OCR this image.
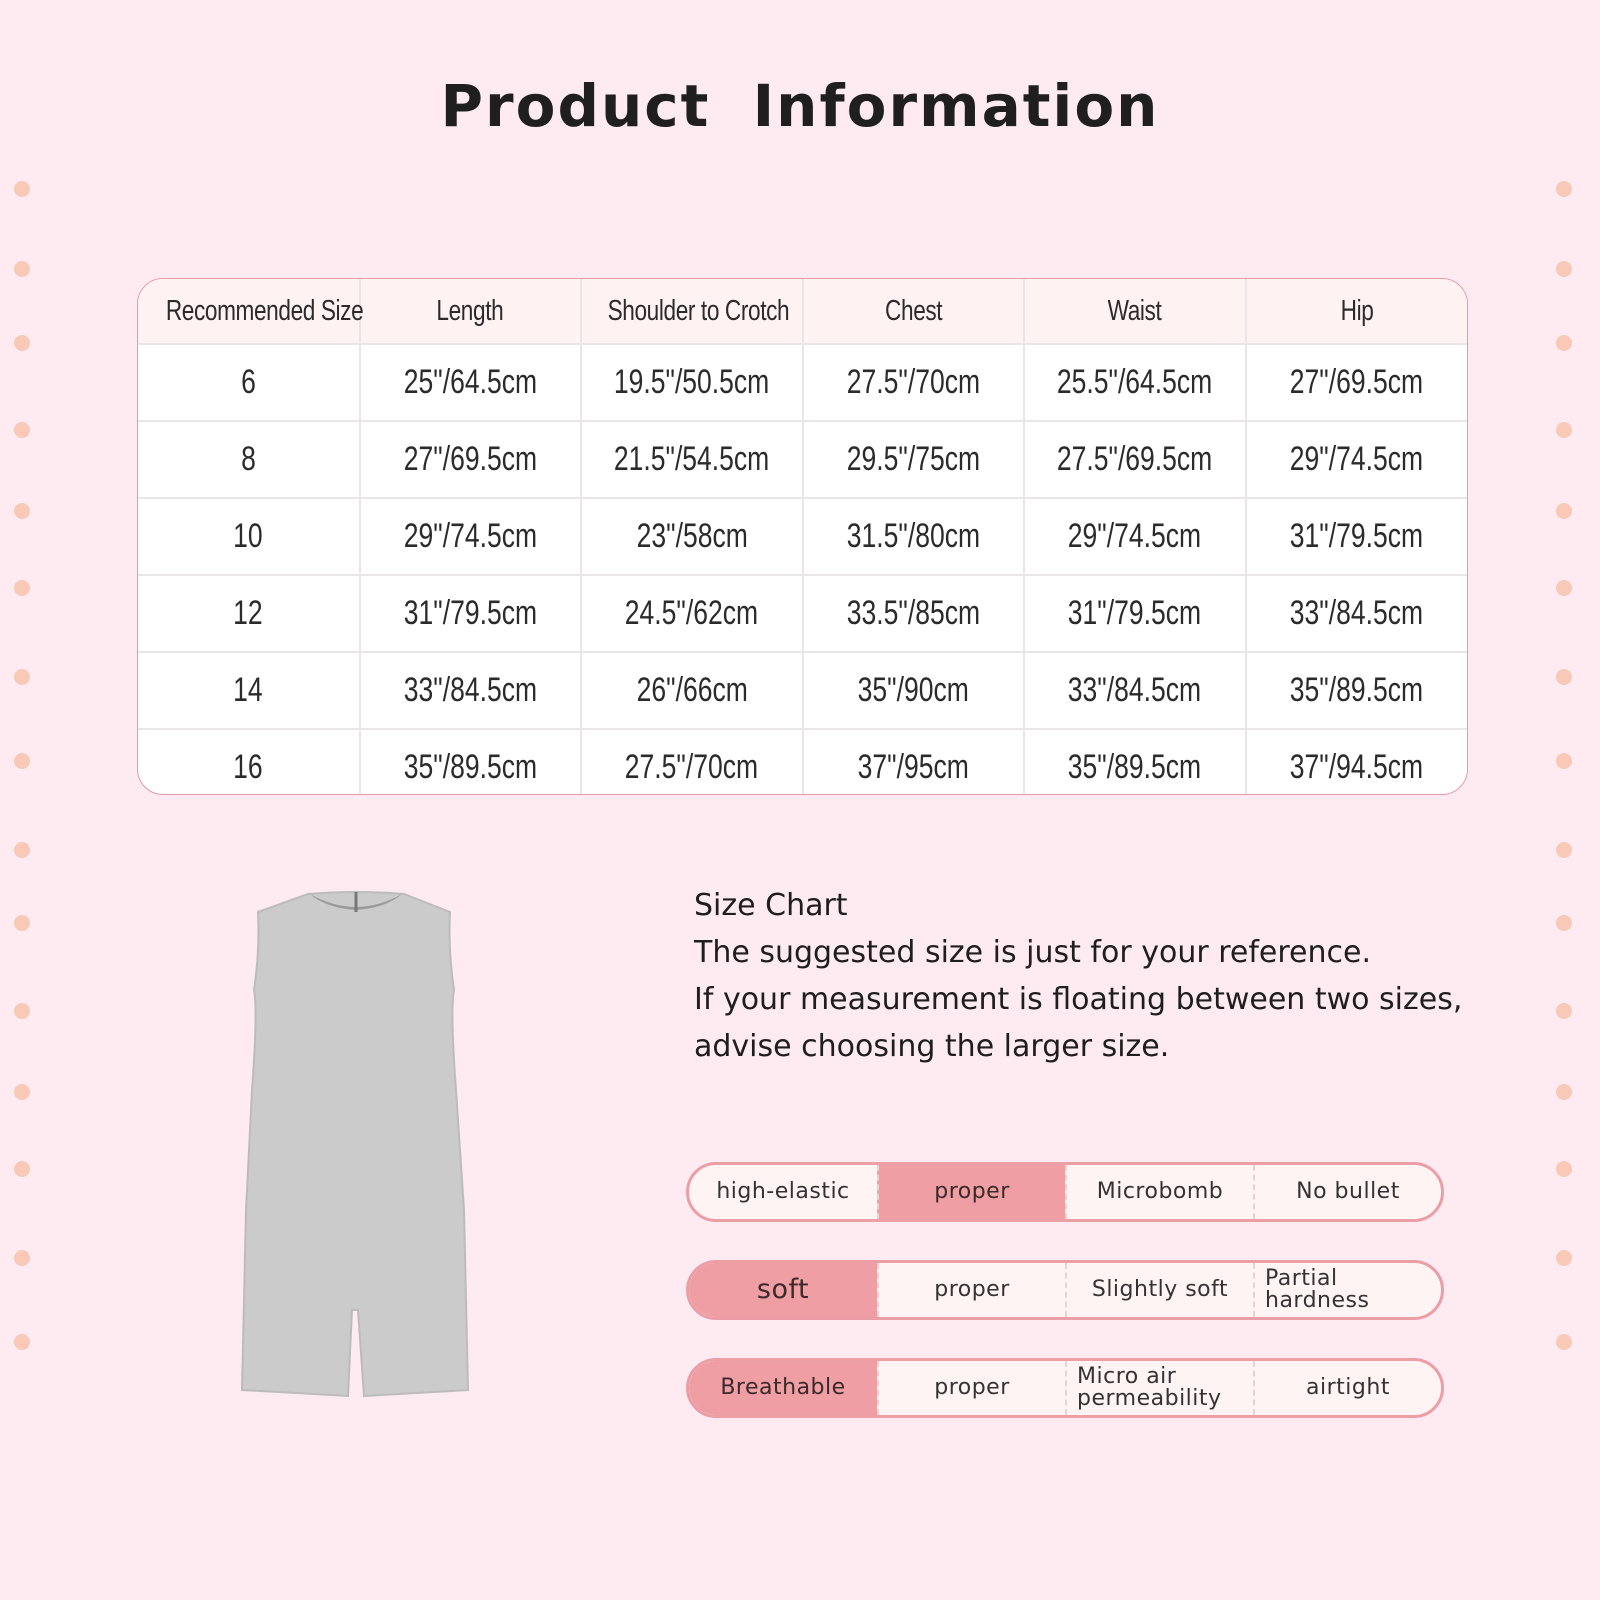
Product Information
Recommended Size	Length	Shoulder to Crotch	Chest	Waist	Hip
6	25"/64.5cm	19.5"/50.5cm	27.5"/70cm	25.5"/64.5cm	27"/69.5cm
8	27"/69.5cm	21.5"/54.5cm	29.5"/75cm	27.5"/69.5cm	29"/74.5cm
10	29"/74.5cm	23"/58cm	31.5"/80cm	29"/74.5cm	31"/79.5cm
12	31"/79.5cm	24.5"/62cm	33.5"/85cm	31"/79.5cm	33"/84.5cm
14	33"/84.5cm	26"/66cm	35"/90cm	33"/84.5cm	35"/89.5cm
16	35"/89.5cm	27.5"/70cm	37"/95cm	35"/89.5cm	37"/94.5cm
Size Chart
The suggested size is just for your reference.
If your measurement is floating between two sizes,
advise choosing the larger size.
high-elastic	proper	Microbomb	No bullet
soft	proper	Slightly soft	Partial hardness
Breathable	proper	Micro air permeability	airtight
